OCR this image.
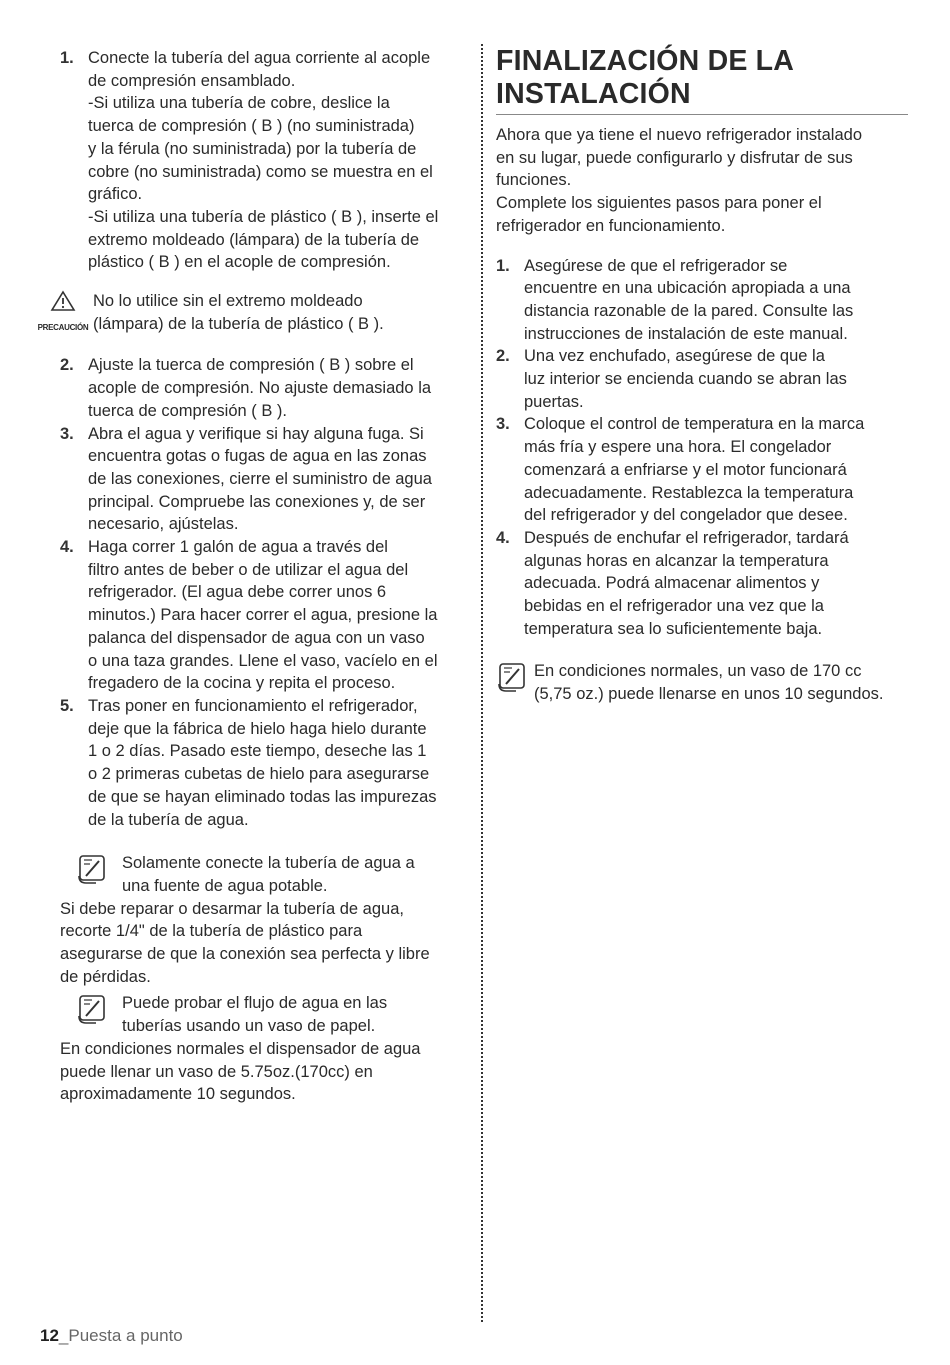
1. Conecte la tubería del agua corriente al acople
de compresión ensamblado.
-Si utiliza una tubería de cobre, deslice la
tuerca de compresión ( B ) (no suministrada)
y la férula (no suministrada) por la tubería de
cobre (no suministrada) como se muestra en el
gráfico.
-Si utiliza una tubería de plástico ( B ), inserte el
extremo moldeado (lámpara) de la tubería de
plástico ( B ) en el acople de compresión.
PRECAUCIÓN
No lo utilice sin el extremo moldeado
(lámpara) de la tubería de plástico ( B ).
2. Ajuste la tuerca de compresión ( B ) sobre el
acople de compresión. No ajuste demasiado la
tuerca de compresión ( B ).
3. Abra el agua y verifique si hay alguna fuga. Si
encuentra gotas o fugas de agua en las zonas
de las conexiones, cierre el suministro de agua
principal. Compruebe las conexiones y, de ser
necesario, ajústelas.
4. Haga correr 1 galón de agua a través del
filtro antes de beber o de utilizar el agua del
refrigerador. (El agua debe correr unos 6
minutos.) Para hacer correr el agua, presione la
palanca del dispensador de agua con un vaso
o una taza grandes. Llene el vaso, vacíelo en el
fregadero de la cocina y repita el proceso.
5. Tras poner en funcionamiento el refrigerador,
deje que la fábrica de hielo haga hielo durante
1 o 2 días. Pasado este tiempo, deseche las 1
o 2 primeras cubetas de hielo para asegurarse
de que se hayan eliminado todas las impurezas
de la tubería de agua.
Solamente conecte la tubería de agua a
una fuente de agua potable.
Si debe reparar o desarmar la tubería de agua,
recorte 1/4" de la tubería de plástico para
asegurarse de que la conexión sea perfecta y libre
de pérdidas.
Puede probar el flujo de agua en las
tuberías usando un vaso de papel.
En condiciones normales el dispensador de agua
puede llenar un vaso de 5.75oz.(170cc) en
aproximadamente 10 segundos.
FINALIZACIÓN DE LA
INSTALACIÓN
Ahora que ya tiene el nuevo refrigerador instalado
en su lugar, puede configurarlo y disfrutar de sus
funciones.
Complete los siguientes pasos para poner el
refrigerador en funcionamiento.
1. Asegúrese de que el refrigerador se
encuentre en una ubicación apropiada a una
distancia razonable de la pared. Consulte las
instrucciones de instalación de este manual.
2. Una vez enchufado, asegúrese de que la
luz interior se encienda cuando se abran las
puertas.
3. Coloque el control de temperatura en la marca
más fría y espere una hora. El congelador
comenzará a enfriarse y el motor funcionará
adecuadamente. Restablezca la temperatura
del refrigerador y del congelador que desee.
4. Después de enchufar el refrigerador, tardará
algunas horas en alcanzar la temperatura
adecuada. Podrá almacenar alimentos y
bebidas en el refrigerador una vez que la
temperatura sea lo suficientemente baja.
En condiciones normales, un vaso de 170 cc
(5,75 oz.) puede llenarse en unos 10 segundos.
12_Puesta a punto
